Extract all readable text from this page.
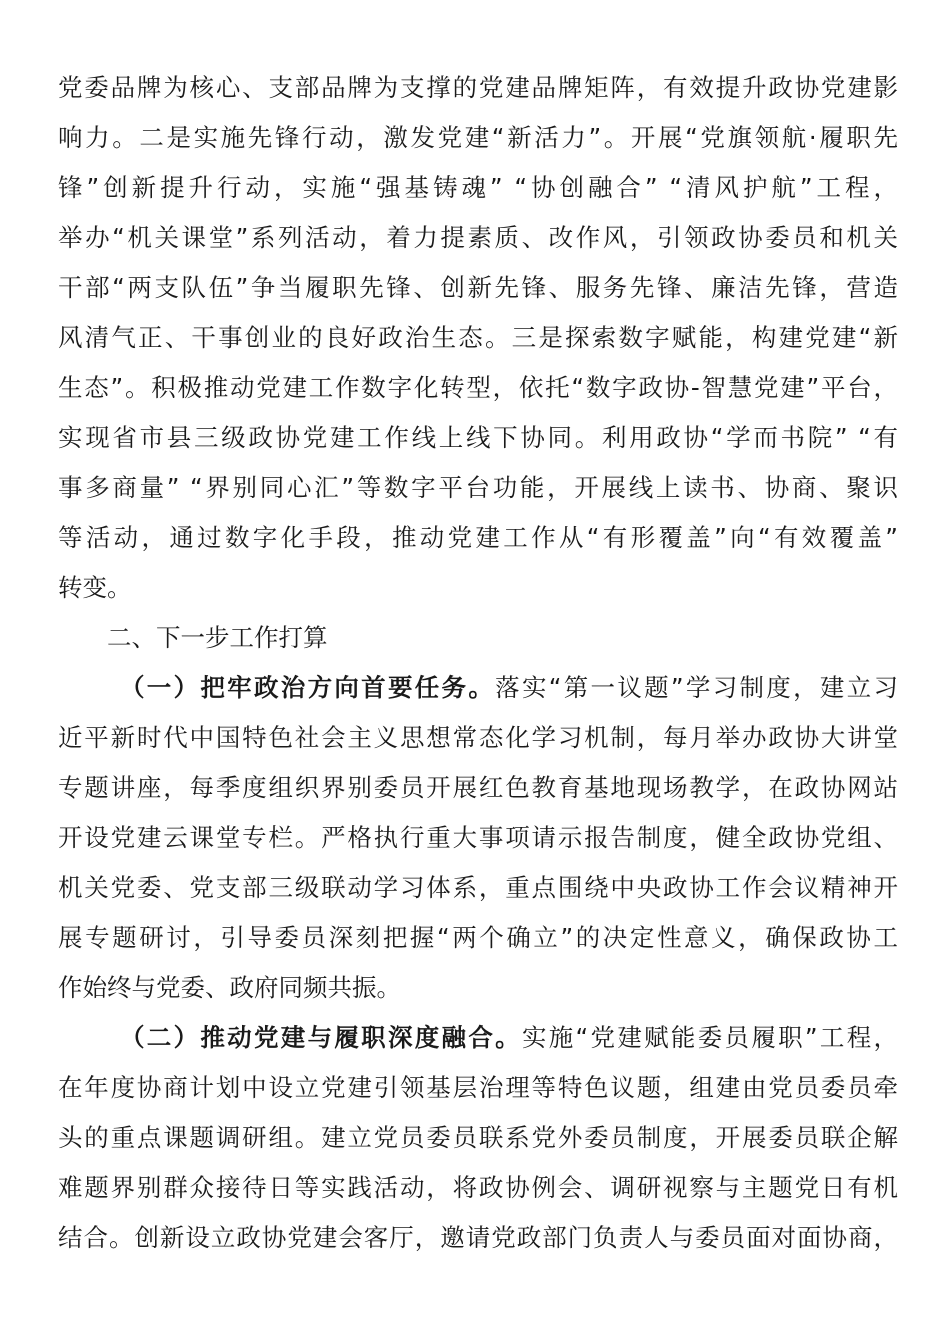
党委品牌为核心、支部品牌为支撑的党建品牌矩阵，有效提升政协党建影
响力。二是实施先锋行动，激发党建“新活力”。开展“党旗领航·履职先
锋”创新提升行动，实施“强基铸魂” “协创融合” “清风护航”工程，
举办“机关课堂”系列活动，着力提素质、改作风，引领政协委员和机关
干部“两支队伍”争当履职先锋、创新先锋、服务先锋、廉洁先锋，营造
风清气正、干事创业的良好政治生态。三是探索数字赋能，构建党建“新
生态”。积极推动党建工作数字化转型，依托“数字政协-智慧党建”平台，
实现省市县三级政协党建工作线上线下协同。利用政协“学而书院” “有
事多商量” “界别同心汇”等数字平台功能，开展线上读书、协商、聚识
等活动，通过数字化手段，推动党建工作从“有形覆盖”向“有效覆盖”
转变。
二、下一步工作打算
（一）把牢政治方向首要任务。落实“第一议题”学习制度，建立习
近平新时代中国特色社会主义思想常态化学习机制，每月举办政协大讲堂
专题讲座，每季度组织界别委员开展红色教育基地现场教学，在政协网站
开设党建云课堂专栏。严格执行重大事项请示报告制度，健全政协党组、
机关党委、党支部三级联动学习体系，重点围绕中央政协工作会议精神开
展专题研讨，引导委员深刻把握“两个确立”的决定性意义，确保政协工
作始终与党委、政府同频共振。
（二）推动党建与履职深度融合。实施“党建赋能委员履职”工程，
在年度协商计划中设立党建引领基层治理等特色议题，组建由党员委员牵
头的重点课题调研组。建立党员委员联系党外委员制度，开展委员联企解
难题界别群众接待日等实践活动，将政协例会、调研视察与主题党日有机
结合。创新设立政协党建会客厅，邀请党政部门负责人与委员面对面协商，
